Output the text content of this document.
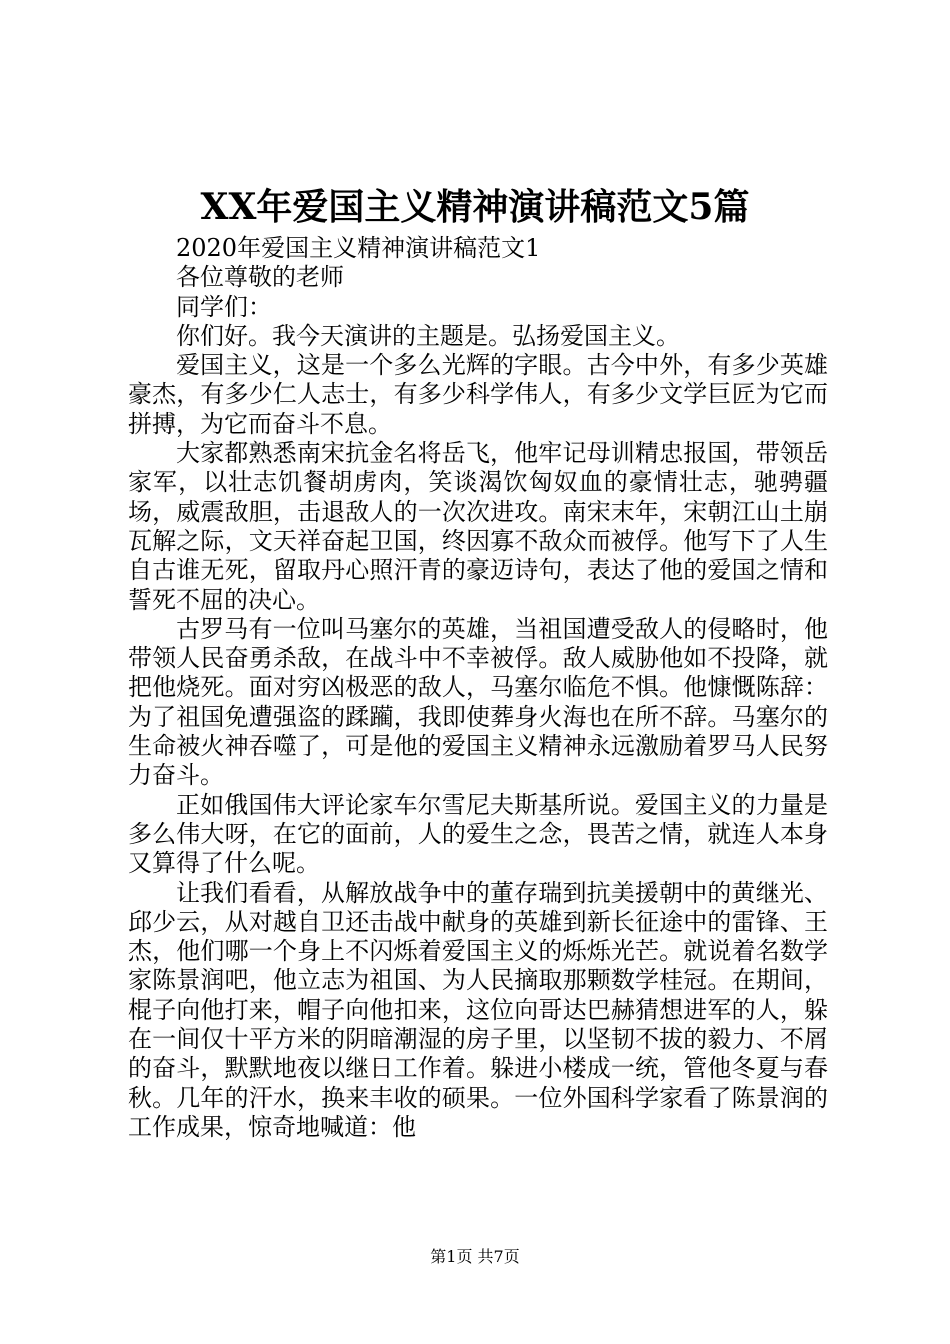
XX年爱国主义精神演讲稿范文5篇

2020年爱国主义精神演讲稿范文1

各位尊敬的老师

同学们：

你们好。我今天演讲的主题是。弘扬爱国主义。

爱国主义，这是一个多么光辉的字眼。古今中外，有多少英雄豪杰，有多少仁人志士，有多少科学伟人，有多少文学巨匠为它而拼搏，为它而奋斗不息。

大家都熟悉南宋抗金名将岳飞，他牢记母训精忠报国，带领岳家军，以壮志饥餐胡虏肉，笑谈渴饮匈奴血的豪情壮志，驰骋疆场，威震敌胆，击退敌人的一次次进攻。南宋末年，宋朝江山土崩瓦解之际，文天祥奋起卫国，终因寡不敌众而被俘。他写下了人生自古谁无死，留取丹心照汗青的豪迈诗句，表达了他的爱国之情和誓死不屈的决心。

古罗马有一位叫马塞尔的英雄，当祖国遭受敌人的侵略时，他带领人民奋勇杀敌，在战斗中不幸被俘。敌人威胁他如不投降，就把他烧死。面对穷凶极恶的敌人，马塞尔临危不惧。他慷慨陈辞：为了祖国免遭强盗的蹂躏，我即使葬身火海也在所不辞。马塞尔的生命被火神吞噬了，可是他的爱国主义精神永远激励着罗马人民努力奋斗。

正如俄国伟大评论家车尔雪尼夫斯基所说。爱国主义的力量是多么伟大呀，在它的面前，人的爱生之念，畏苦之情，就连人本身又算得了什么呢。

让我们看看，从解放战争中的董存瑞到抗美援朝中的黄继光、邱少云，从对越自卫还击战中献身的英雄到新长征途中的雷锋、王杰，他们哪一个身上不闪烁着爱国主义的烁烁光芒。就说着名数学家陈景润吧，他立志为祖国、为人民摘取那颗数学桂冠。在期间，棍子向他打来，帽子向他扣来，这位向哥达巴赫猜想进军的人，躲在一间仅十平方米的阴暗潮湿的房子里，以坚韧不拔的毅力、不屑的奋斗，默默地夜以继日工作着。躲进小楼成一统，管他冬夏与春秋。几年的汗水，换来丰收的硕果。一位外国科学家看了陈景润的工作成果，惊奇地喊道：他

第1页 共7页
